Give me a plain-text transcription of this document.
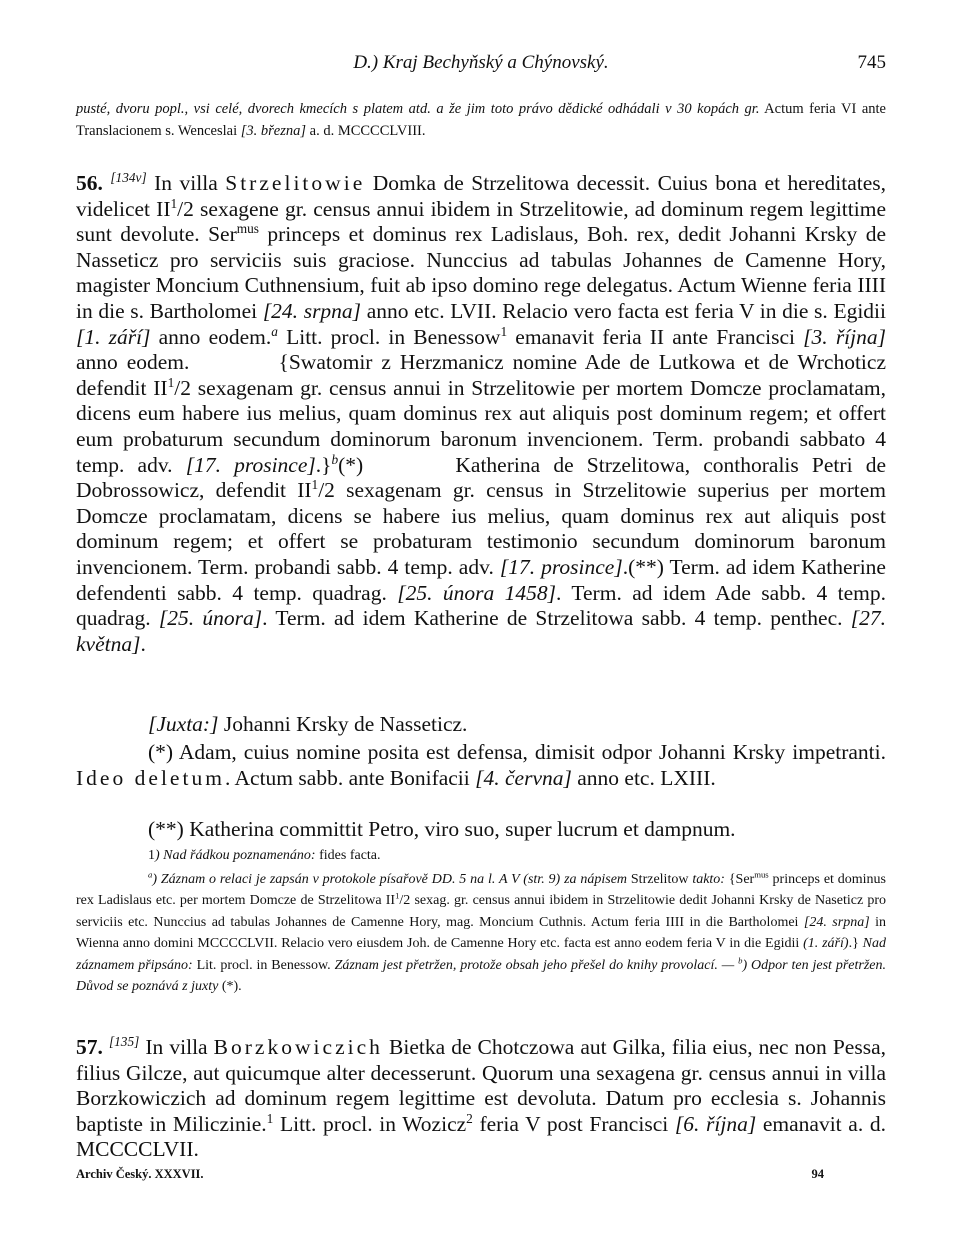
D.) Kraj Bechyňský a Chýnovský.	745

pusté, dvoru popl., vsi celé, dvorech kmecích s platem atd. a že jim toto právo dědické odhádali v 30 kopách gr. Actum feria VI ante Translacionem s. Wenceslai [3. března] a. d. MCCCCLVIII.

56. [134v] In villa Strzelitowie Domka de Strzelitowa decessit. Cuius bona et hereditates, videlicet $II^1/2$ sexagene gr. census annui ibidem in Strzelitowie, ad dominum regem legittime sunt devolute. Ser$^{mus}$ princeps et dominus rex Ladislaus, Boh. rex, dedit Johanni Krsky de Nasseticz pro serviciis suis graciose. Nunccius ad tabulas Johannes de Camenne Hory, magister Moncium Cuthnensium, fuit ab ipso domino rege delegatus. Actum Wienne feria IIII in die s. Bartholomei [24. srpna] anno etc. LVII. Relacio vero facta est feria V in die s. Egidii [1. září] anno eodem.$^a$ Litt. procl. in Benessow$^1$ emanavit feria II ante Francisci [3. října] anno eodem.          {Swatomir z Herzmanicz nomine Ade de Lutkowa et de Wrchoticz defendit $II^1/2$ sexagenam gr. census annui in Strzelitowie per mortem Domcze proclamatam, dicens eum habere ius melius, quam dominus rex aut aliquis post dominum regem; et offert eum probaturum secundum dominorum baronum invencionem. Term. probandi sabbato 4 temp. adv. [17. prosince].}$^b$(*)       Katherina de Strzelitowa, conthoralis Petri de Dobrossowicz, defendit $II^1/2$ sexagenam gr. census in Strzelitowie superius per mortem Domcze proclamatam, dicens se habere ius melius, quam dominus rex aut aliquis post dominum regem; et offert se probaturam testimonio secundum dominorum baronum invencionem. Term. probandi sabb. 4 temp. adv. [17. prosince].(**) Term. ad idem Katherine defendenti sabb. 4 temp. quadrag. [25. února 1458]. Term. ad idem Ade sabb. 4 temp. quadrag. [25. února]. Term. ad idem Katherine de Strzelitowa sabb. 4 temp. penthec. [27. května].

[Juxta:] Johanni Krsky de Nasseticz.

(*) Adam, cuius nomine posita est defensa, dimisit odpor Johanni Krsky impetranti. Ideo deletum. Actum sabb. ante Bonifacii [4. června] anno etc. LXIII.

(**) Katherina committit Petro, viro suo, super lucrum et dampnum.

1) Nad řádkou poznamenáno: fides facta.

$^a$) Záznam o relaci je zapsán v protokole písařově DD. 5 na l. A V (str. 9) za nápisem Strzelitow takto: {Ser$^{mus}$ princeps et dominus rex Ladislaus etc. per mortem Domcze de Strzelitowa $II^1/2$ sexag. gr. census annui ibidem in Strzelitowie dedit Johanni Krsky de Naseticz pro serviciis etc. Nunccius ad tabulas Johannes de Camenne Hory, mag. Moncium Cuthnis. Actum feria IIII in die Bartholomei [24. srpna] in Wienna anno domini MCCCCLVII. Relacio vero eiusdem Joh. de Camenne Hory etc. facta est anno eodem feria V in die Egidii (1. září).} Nad záznamem připsáno: Lit. procl. in Benessow. Záznam jest přetržen, protože obsah jeho přešel do knihy provolací. — $^b$) Odpor ten jest přetržen. Důvod se poznává z juxty (*).

57. [135] In villa Borzkowiczich Bietka de Chotczowa aut Gilka, filia eius, nec non Pessa, filius Gilcze, aut quicumque alter decesserunt. Quorum una sexagena gr. census annui in villa Borzkowiczich ad dominum regem legittime est devoluta. Datum pro ecclesia s. Johannis baptiste in Miliczinie.$^1$ Litt. procl. in Wozicz$^2$ feria V post Francisci [6. října] emanavit a. d. MCCCCLVII.

Archiv Český. XXXVII.	94
